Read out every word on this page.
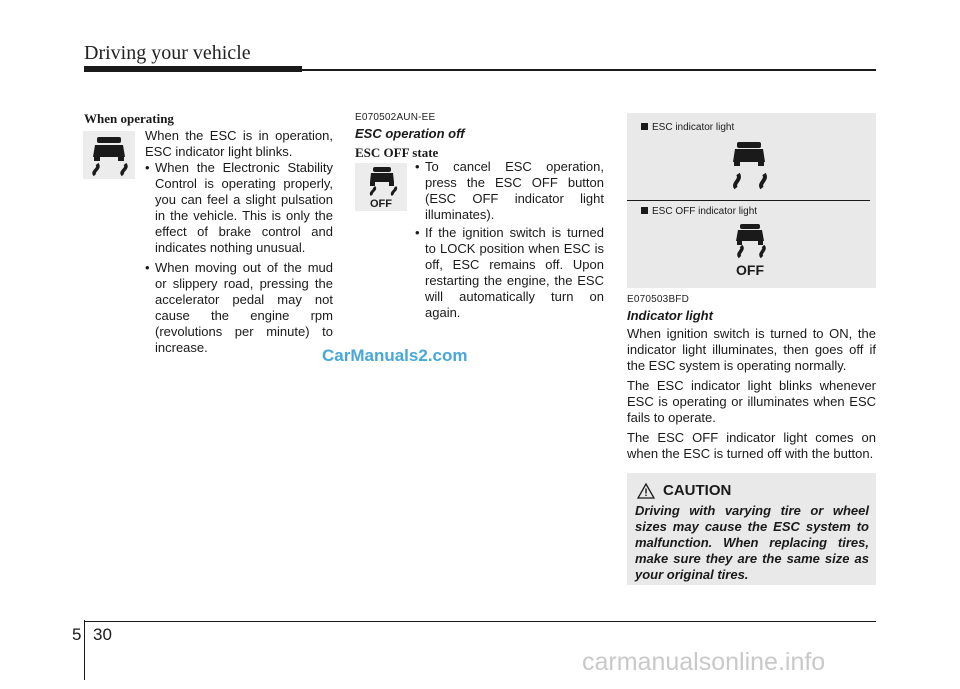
Driving your vehicle
When operating
When the ESC is in operation, ESC indicator light blinks.
• When the Electronic Stability Control is operating properly, you can feel a slight pulsation in the vehicle. This is only the effect of brake control and indicates nothing unusual.
• When moving out of the mud or slippery road, pressing the accelerator pedal may not cause the engine rpm (revolutions per minute) to increase.
E070502AUN-EE
ESC operation off
ESC OFF state
OFF
• To cancel ESC operation, press the ESC OFF button (ESC OFF indicator light illuminates).
• If the ignition switch is turned to LOCK position when ESC is off, ESC remains off. Upon restarting the engine, the ESC will automatically turn on again.
ESC indicator light
ESC OFF indicator light
OFF
E070503BFD
Indicator light

When ignition switch is turned to ON, the indicator light illuminates, then goes off if the ESC system is operating normally.

The ESC indicator light blinks whenever ESC is operating or illuminates when ESC fails to operate.

The ESC OFF indicator light comes on when the ESC is turned off with the button.

CAUTION
Driving with varying tire or wheel sizes may cause the ESC system to malfunction. When replacing tires, make sure they are the same size as your original tires.
CarManuals2.com
carmanualsonline.info
5 30
